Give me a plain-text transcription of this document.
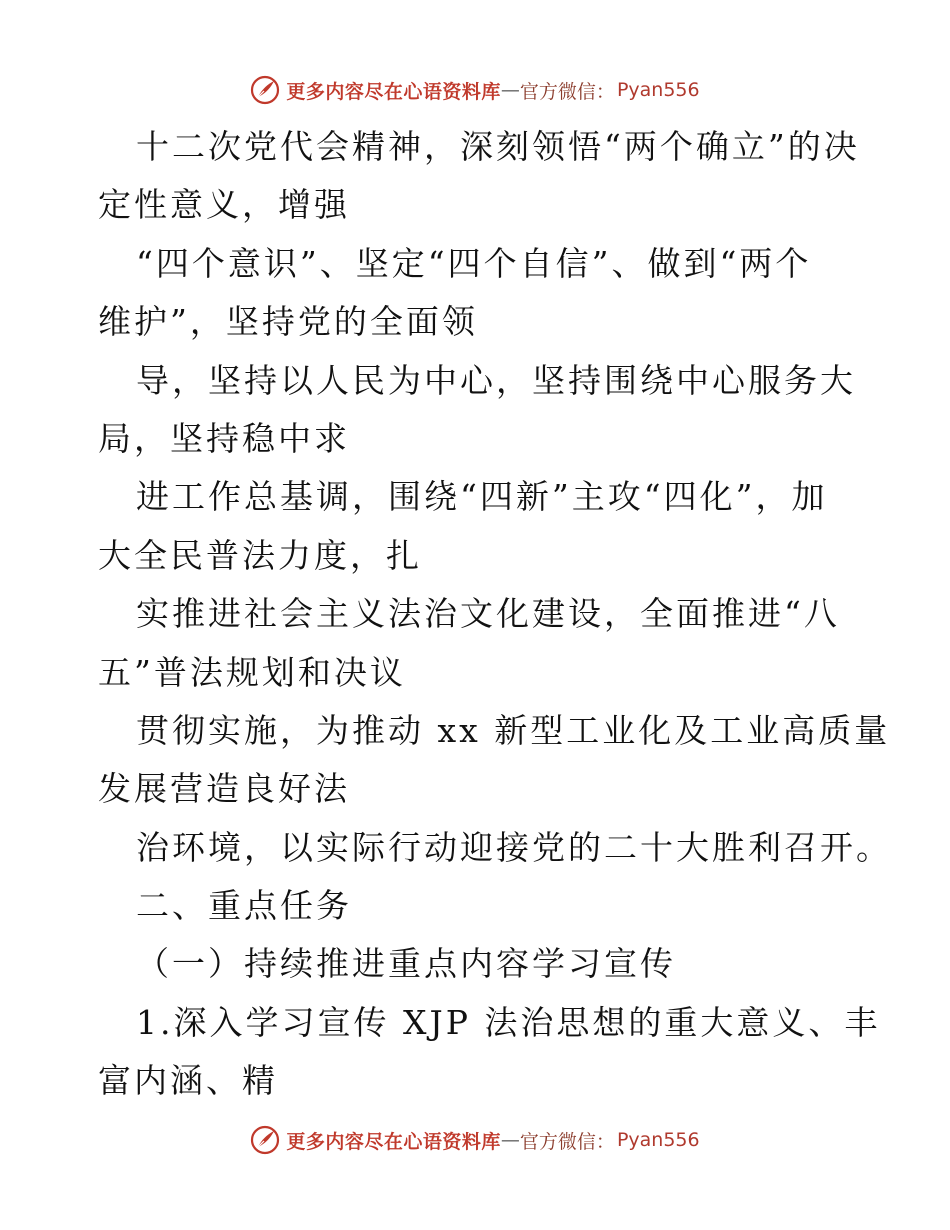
更多内容尽在心语资料库 — 官方微信： Pyan556
十二次党代会精神，深刻领悟“两个确立”的决
定性意义，增强
“四个意识”、坚定“四个自信”、做到“两个
维护”，坚持党的全面领
导，坚持以人民为中心，坚持围绕中心服务大
局，坚持稳中求
进工作总基调，围绕“四新”主攻“四化”，加
大全民普法力度，扎
实推进社会主义法治文化建设，全面推进“八
五”普法规划和决议
贯彻实施，为推动 xx 新型工业化及工业高质量
发展营造良好法
治环境，以实际行动迎接党的二十大胜利召开。
二、重点任务
（一）持续推进重点内容学习宣传
1.深入学习宣传 XJP 法治思想的重大意义、丰
富内涵、精
更多内容尽在心语资料库 — 官方微信： Pyan556
